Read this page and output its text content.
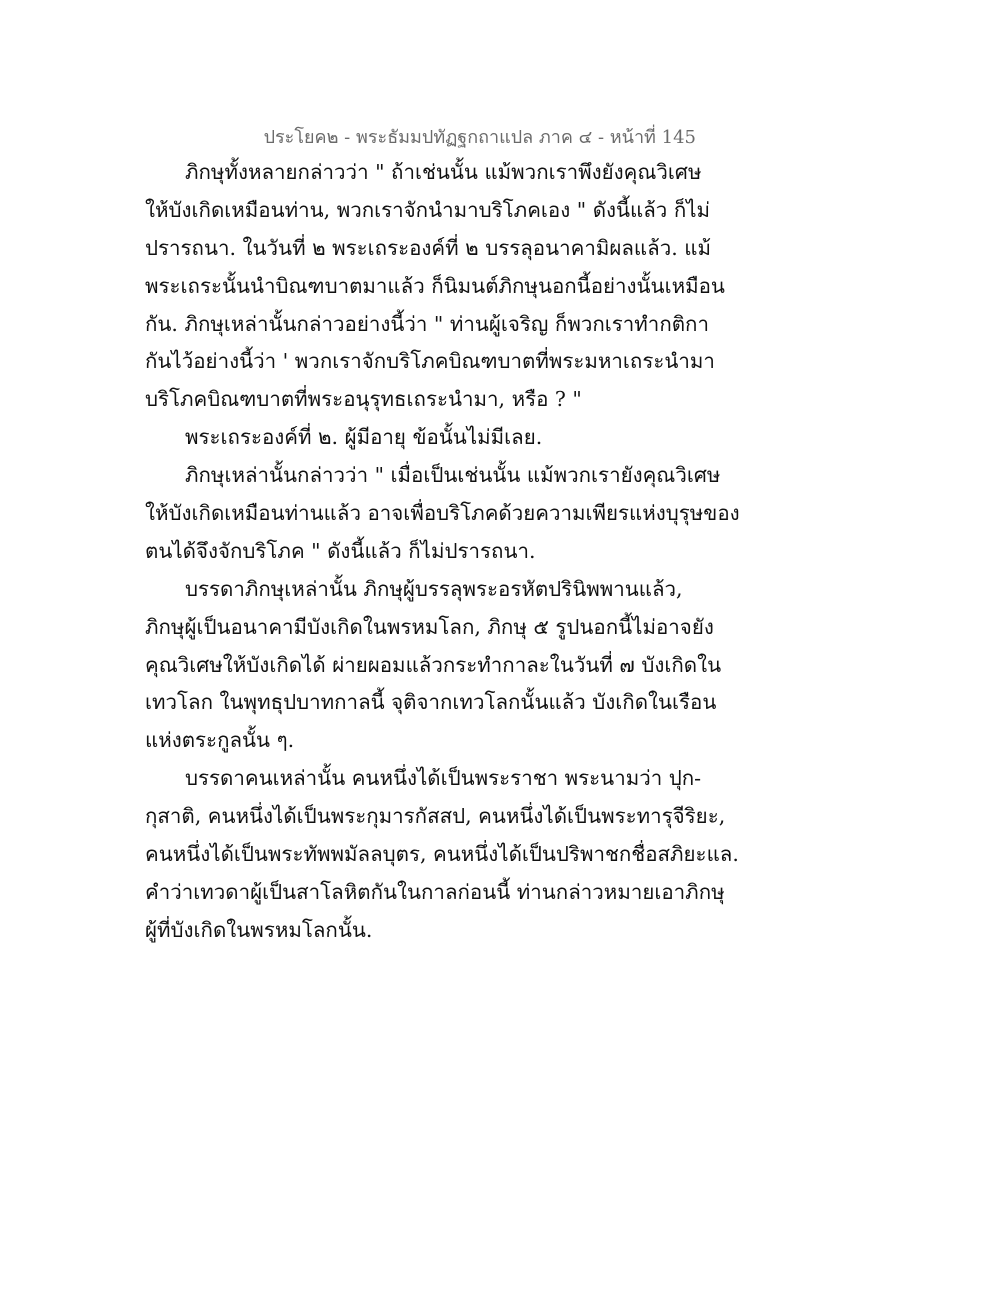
ประโยค๒ - พระธัมมปทัฏฐกถาแปล ภาค ๔ - หน้าที่ 145
ภิกษุทั้งหลายกล่าวว่า " ถ้าเช่นนั้น แม้พวกเราพึงยังคุณวิเศษ
ให้บังเกิดเหมือนท่าน, พวกเราจักนำมาบริโภคเอง " ดังนี้แล้ว ก็ไม่
ปรารถนา. ในวันที่ ๒ พระเถระองค์ที่ ๒ บรรลุอนาคามิผลแล้ว. แม้
พระเถระนั้นนำบิณฑบาตมาแล้ว ก็นิมนต์ภิกษุนอกนี้อย่างนั้นเหมือน
กัน. ภิกษุเหล่านั้นกล่าวอย่างนี้ว่า " ท่านผู้เจริญ ก็พวกเราทำกติกา
กันไว้อย่างนี้ว่า ' พวกเราจักบริโภคบิณฑบาตที่พระมหาเถระนำมา
บริโภคบิณฑบาตที่พระอนุรุทธเถระนำมา, หรือ ? "
พระเถระองค์ที่ ๒. ผู้มีอายุ ข้อนั้นไม่มีเลย.
ภิกษุเหล่านั้นกล่าวว่า " เมื่อเป็นเช่นนั้น แม้พวกเรายังคุณวิเศษ
ให้บังเกิดเหมือนท่านแล้ว อาจเพื่อบริโภคด้วยความเพียรแห่งบุรุษของ
ตนได้จึงจักบริโภค " ดังนี้แล้ว ก็ไม่ปรารถนา.
บรรดาภิกษุเหล่านั้น ภิกษุผู้บรรลุพระอรหัตปรินิพพานแล้ว,
ภิกษุผู้เป็นอนาคามีบังเกิดในพรหมโลก, ภิกษุ ๕ รูปนอกนี้ไม่อาจยัง
คุณวิเศษให้บังเกิดได้ ผ่ายผอมแล้วกระทำกาละในวันที่ ๗ บังเกิดใน
เทวโลก ในพุทธุปบาทกาลนี้ จุติจากเทวโลกนั้นแล้ว บังเกิดในเรือน
แห่งตระกูลนั้น ๆ.
บรรดาคนเหล่านั้น คนหนึ่งได้เป็นพระราชา พระนามว่า ปุก-
กุสาติ, คนหนึ่งได้เป็นพระกุมารกัสสป, คนหนึ่งได้เป็นพระทารุจีริยะ,
คนหนึ่งได้เป็นพระทัพพมัลลบุตร, คนหนึ่งได้เป็นปริพาชกชื่อสภิยะแล.
คำว่าเทวดาผู้เป็นสาโลหิตกันในกาลก่อนนี้ ท่านกล่าวหมายเอาภิกษุ
ผู้ที่บังเกิดในพรหมโลกนั้น.
